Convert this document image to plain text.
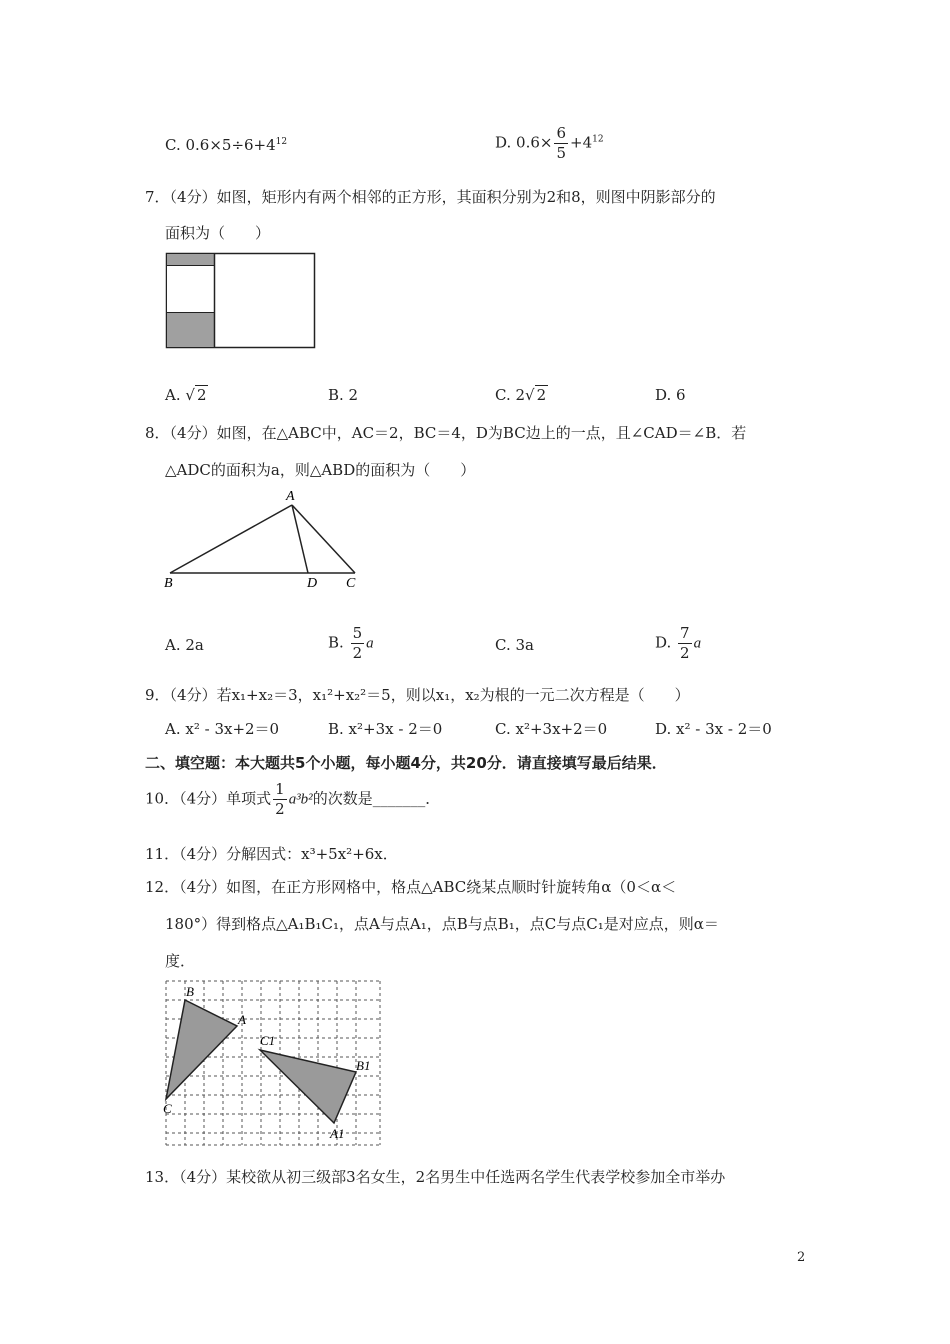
C. $0.6\times 5\div 6+4^{12}$	D. $0.6\times \frac{6}{5} +4^{12}$
7．（4分）如图，矩形内有两个相邻的正方形，其面积分别为2和8，则图中阴影部分的
面积为（　　）
A. √ 2	B. 2	C. 2√ 2	D. 6
8．（4分）如图，在△ABC中，AC＝2，BC＝4，D为BC边上的一点，且∠CAD＝∠B．若
△ADC的面积为a，则△ABD的面积为（　　）
A
B	D C
A. 2a	B. $\frac{5}{2}$ a	C. 3a	D. $\frac{7}{2}$ a
9．（4分）若x₁+x₂＝3，x₁²+x₂²＝5，则以x₁，x₂为根的一元二次方程是（　　）
A. x² - 3x+2＝0	B. x²+3x - 2＝0	C. x²+3x+2＝0	D. x² - 3x - 2＝0
二、填空题：本大题共5个小题，每小题4分，共20分．请直接填写最后结果．
10．（4分）单项式 $\frac{1}{2} a^3b^2$的次数是_______．
11．（4分）分解因式：x³+5x²+6x．
12．（4分）如图，在正方形网格中，格点△ABC绕某点顺时针旋转角α（0＜α＜
180°）得到格点△A₁B₁C₁，点A与点A₁，点B与点B₁，点C与点C₁是对应点，则α＝
度．
B
A
C
C1
B1
A1
13．（4分）某校欲从初三级部3名女生，2名男生中任选两名学生代表学校参加全市举办
2
